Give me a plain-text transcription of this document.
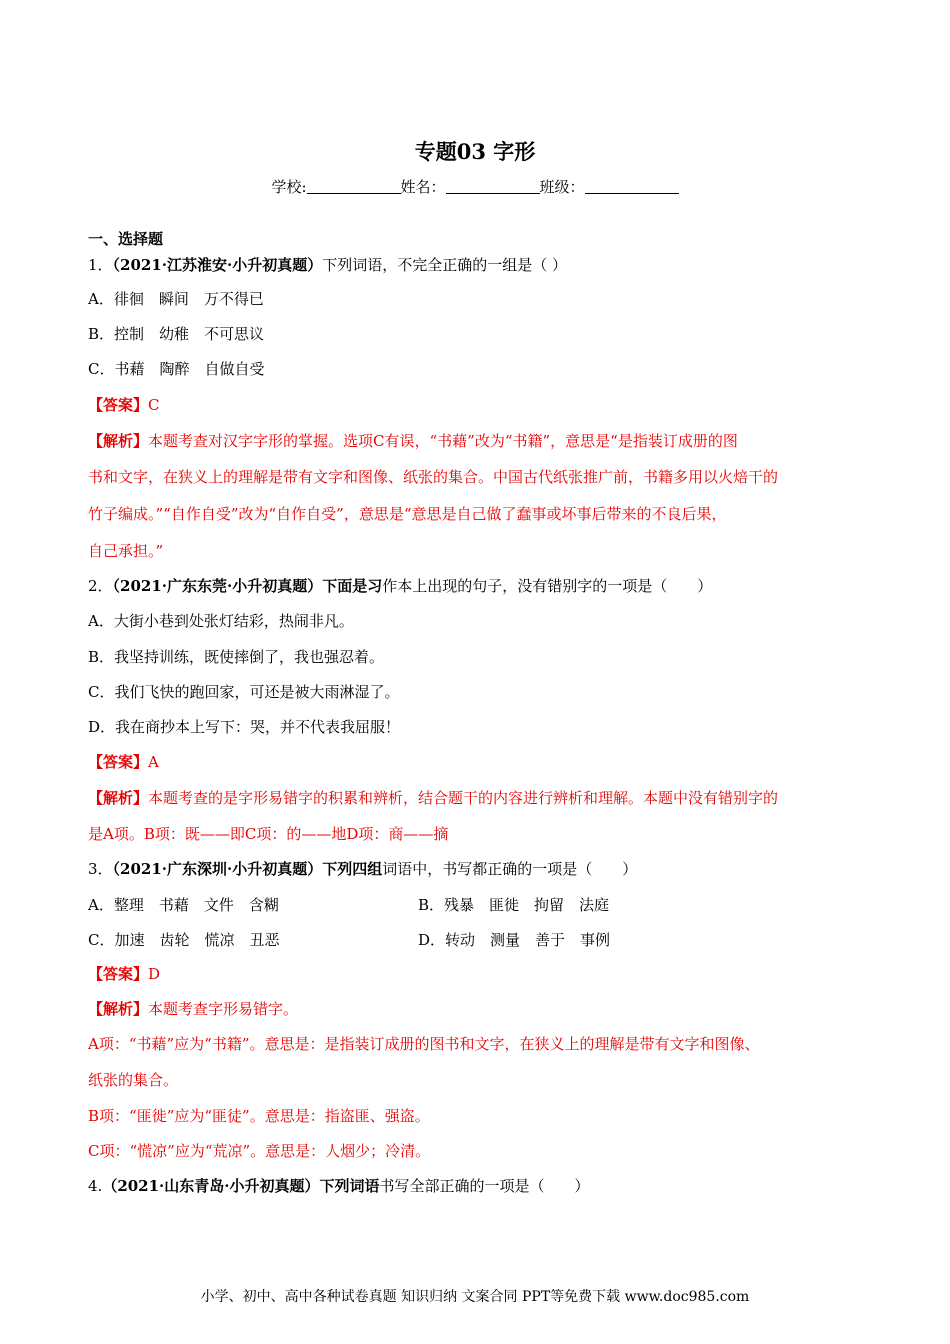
专题03 字形
学校:	姓名：	班级：
一、选择题
1．（2021·江苏淮安·小升初真题）下列词语，不完全正确的一组是（ ）
A．徘徊　瞬间　万不得已
B．控制　幼稚　不可思议
C．书藉　陶醉　自做自受
【答案】C
【解析】本题考查对汉字字形的掌握。选项C有误，“书藉”改为“书籍”，意思是“是指装订成册的图
书和文字，在狭义上的理解是带有文字和图像、纸张的集合。中国古代纸张推广前，书籍多用以火焙干的
竹子编成。”“自作自受”改为“自作自受”，意思是“意思是自己做了蠢事或坏事后带来的不良后果，
自己承担。”
2．（2021·广东东莞·小升初真题）下面是习作本上出现的句子，没有错别字的一项是（　　）
A．大街小巷到处张灯结彩，热闹非凡。
B．我坚持训练，既使摔倒了，我也强忍着。
C．我们飞快的跑回家，可还是被大雨淋湿了。
D．我在商抄本上写下：哭，并不代表我屈服！
【答案】A
【解析】本题考查的是字形易错字的积累和辨析，结合题干的内容进行辨析和理解。本题中没有错别字的
是A项。B项：既——即C项：的——地D项：商——摘
3．（2021·广东深圳·小升初真题）下列四组词语中，书写都正确的一项是（　　）
A．整理　书藉　文件　含糊	B．残暴　匪徙　拘留　法庭
C．加速　齿轮　慌凉　丑恶	D．转动　测量　善于　事例
【答案】D
【解析】本题考查字形易错字。
A项：“书藉”应为“书籍”。意思是：是指装订成册的图书和文字，在狭义上的理解是带有文字和图像、
纸张的集合。
B项：“匪徙”应为“匪徒”。意思是：指盗匪、强盗。
C项：“慌凉”应为“荒凉”。意思是：人烟少；冷清。
4.（2021·山东青岛·小升初真题）下列词语书写全部正确的一项是（　　）
小学、初中、高中各种试卷真题 知识归纳 文案合同 PPT等免费下载 www.doc985.com
